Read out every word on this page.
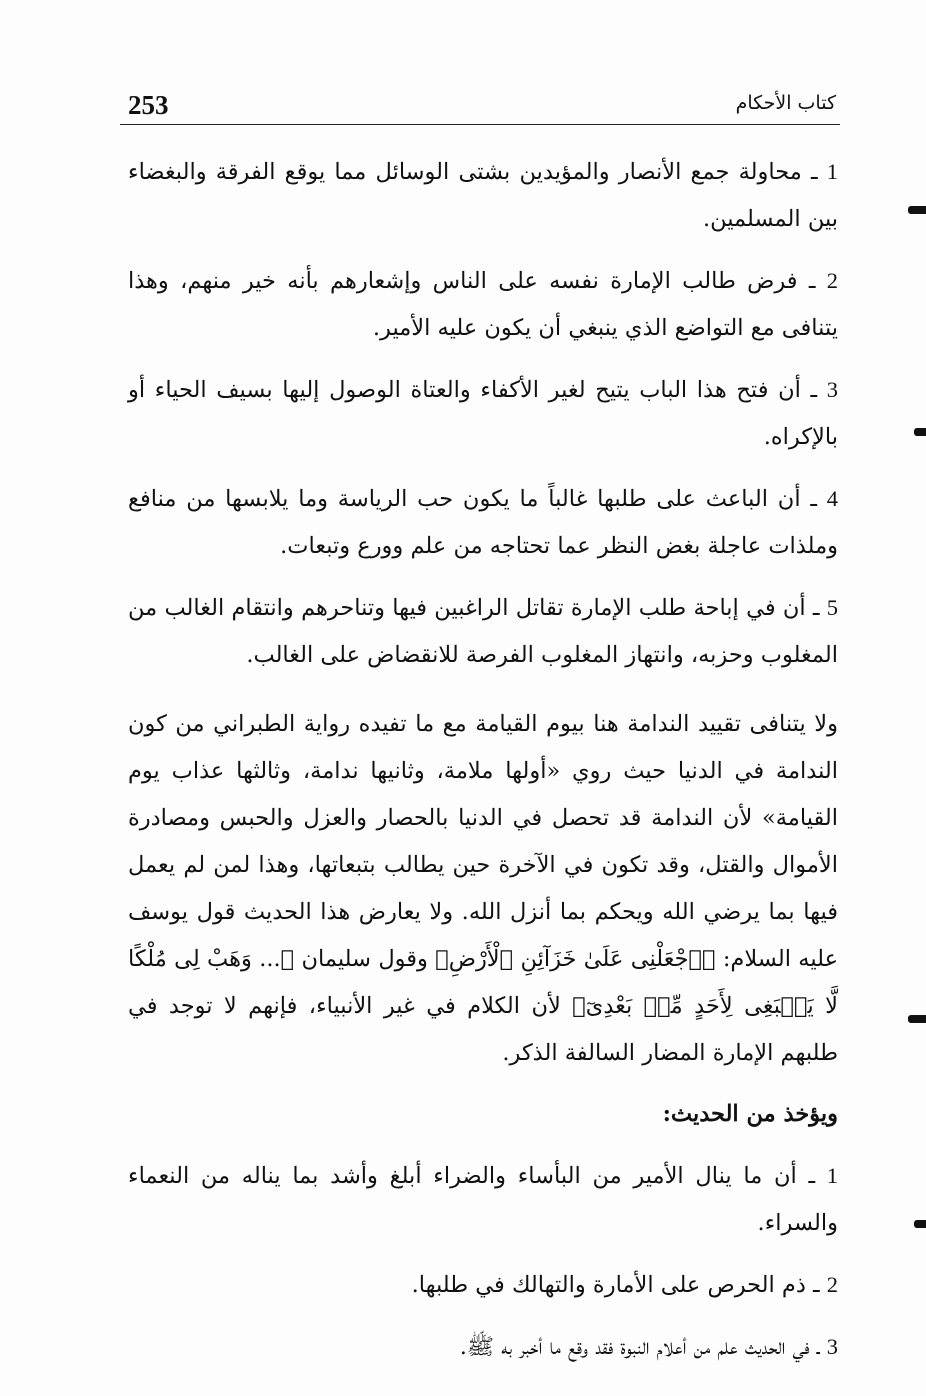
253	كتاب الأحكام

1 ـ محاولة جمع الأنصار والمؤيدين بشتى الوسائل مما يوقع الفرقة والبغضاء بين المسلمين.

2 ـ فرض طالب الإمارة نفسه على الناس وإشعارهم بأنه خير منهم، وهذا يتنافى مع التواضع الذي ينبغي أن يكون عليه الأمير.

3 ـ أن فتح هذا الباب يتيح لغير الأكفاء والعتاة الوصول إليها بسيف الحياء أو بالإكراه.

4 ـ أن الباعث على طلبها غالباً ما يكون حب الرياسة وما يلابسها من منافع وملذات عاجلة بغض النظر عما تحتاجه من علم وورع وتبعات.

5 ـ أن في إباحة طلب الإمارة تقاتل الراغبين فيها وتناحرهم وانتقام الغالب من المغلوب وحزبه، وانتهاز المغلوب الفرصة للانقضاض على الغالب.

ولا يتنافى تقييد الندامة هنا بيوم القيامة مع ما تفيده رواية الطبراني من كون الندامة في الدنيا حيث روي «أولها ملامة، وثانيها ندامة، وثالثها عذاب يوم القيامة» لأن الندامة قد تحصل في الدنيا بالحصار والعزل والحبس ومصادرة الأموال والقتل، وقد تكون في الآخرة حين يطالب بتبعاتها، وهذا لمن لم يعمل فيها بما يرضي الله ويحكم بما أنزل الله. ولا يعارض هذا الحديث قول يوسف عليه السلام: ﴿ٱجْعَلْنِى عَلَىٰ خَزَآئِنِ ٱلْأَرْضِ﴾ وقول سليمان ﴿... وَهَبْ لِى مُلْكًا لَّا يَنۢبَغِى لِأَحَدٍ مِّنۢ بَعْدِىٓ﴾ لأن الكلام في غير الأنبياء، فإنهم لا توجد في طلبهم الإمارة المضار السالفة الذكر.

ويؤخذ من الحديث:

1 ـ أن ما ينال الأمير من البأساء والضراء أبلغ وأشد بما يناله من النعماء والسراء.

2 ـ ذم الحرص على الأمارة والتهالك في طلبها.

3 ـ في الحديث علم من أعلام النبوة فقد وقع ما أخبر به ﷺ.
